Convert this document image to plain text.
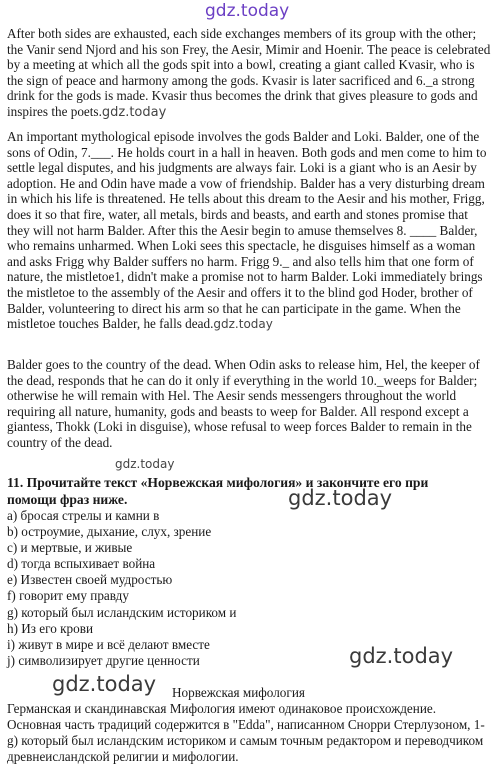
gdz.today

After both sides are exhausted, each side exchanges members of its group with the other; the Vanir send Njord and his son Frey, the Aesir, Mimir and Hoenir. The peace is celebrated by a meeting at which all the gods spit into a bowl, creating a giant called Kvasir, who is the sign of peace and harmony among the gods. Kvasir is later sacrificed and 6._a strong drink for the gods is made. Kvasir thus becomes the drink that gives pleasure to gods and inspires the poets.gdz.today

An important mythological episode involves the gods Balder and Loki. Balder, one of the sons of Odin, 7.___. He holds court in a hall in heaven. Both gods and men come to him to settle legal disputes, and his judgments are always fair. Loki is a giant who is an Aesir by adoption. He and Odin have made a vow of friendship. Balder has a very disturbing dream in which his life is threatened. He tells about this dream to the Aesir and his mother, Frigg, does it so that fire, water, all metals, birds and beasts, and earth and stones promise that they will not harm Balder. After this the Aesir begin to amuse themselves 8. ____ Balder, who remains unharmed. When Loki sees this spectacle, he disguises himself as a woman and asks Frigg why Balder suffers no harm. Frigg 9._ and also tells him that one form of nature, the mistletoe1, didn't make a promise not to harm Balder. Loki immediately brings the mistletoe to the assembly of the Aesir and offers it to the blind god Hoder, brother of Balder, volunteering to direct his arm so that he can participate in the game. When the mistletoe touches Balder, he falls dead.gdz.today

Balder goes to the country of the dead. When Odin asks to release him, Hel, the keeper of the dead, responds that he can do it only if everything in the world 10._weeps for Balder; otherwise he will remain with Hel. The Aesir sends messengers throughout the world requiring all nature, humanity, gods and beasts to weep for Balder. All respond except a giantess, Thokk (Loki in disguise), whose refusal to weep forces Balder to remain in the country of the dead.

gdz.today

11. Прочитайте текст «Норвежская мифология» и закончите его при помощи фраз ниже.	gdz.today
a) бросая стрелы и камни в
b) остроумие, дыхание, слух, зрение
c) и мертвые, и живые
d) тогда вспыхивает война
e) Известен своей мудростью
f) говорит ему правду
g) который был исландским историком и
h) Из его крови
i) живут в мире и всё делают вместе
j) символизирует другие ценности	gdz.today
gdz.today Норвежская мифология

Германская и скандинавская Мифология имеют одинаковое происхождение. Основная часть традиций содержится в "Edda", написанном Снорри Стерлузоном, 1-g) который был исландским историком и самым точным редактором и переводчиком древнеисландской религии и мифологии.
